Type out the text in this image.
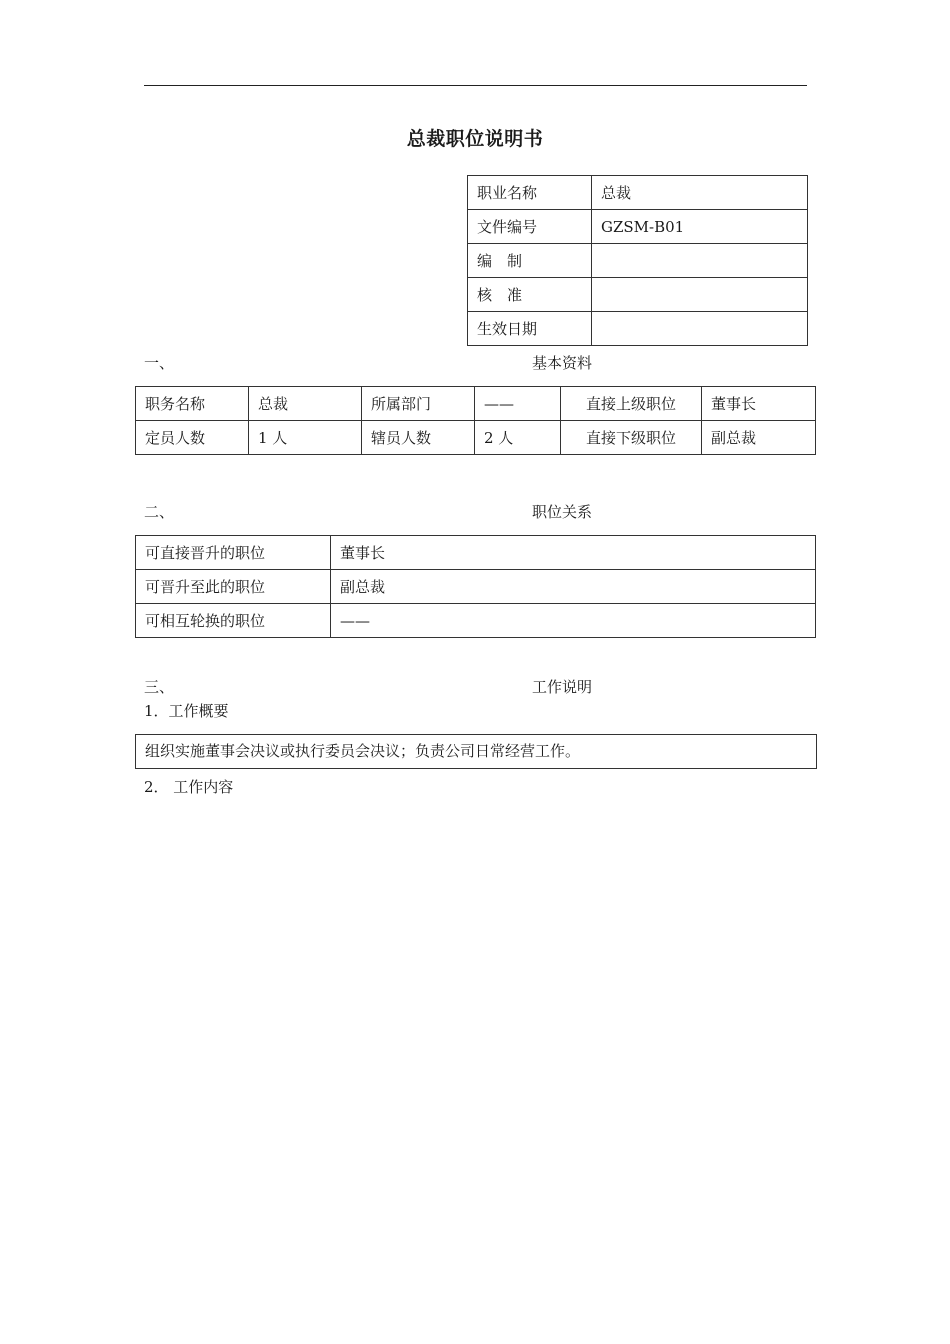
总裁职位说明书
职业名称	总裁
文件编号	GZSM-B01
编　制	
核　准	
生效日期	
一、	基本资料
职务名称	总裁	所属部门	——	直接上级职位	董事长
定员人数	1 人	辖员人数	2 人	直接下级职位	副总裁
二、	职位关系
可直接晋升的职位	董事长
可晋升至此的职位	副总裁
可相互轮换的职位	——
三、	工作说明
1．工作概要
组织实施董事会决议或执行委员会决议；负责公司日常经营工作。
2． 工作内容
